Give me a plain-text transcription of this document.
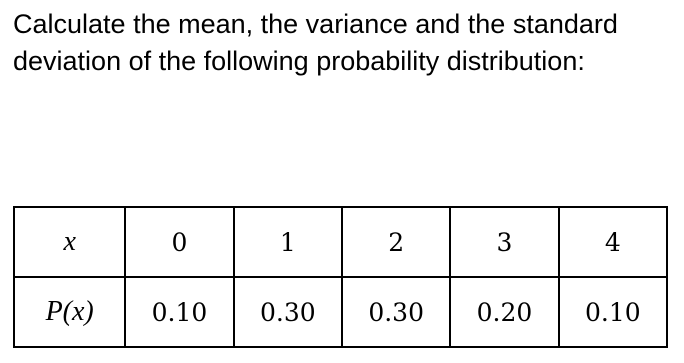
Calculate the mean, the variance and the standard deviation of the following probability distribution:

x	0	1	2	3	4
P(x)	0.10	0.30	0.30	0.20	0.10
